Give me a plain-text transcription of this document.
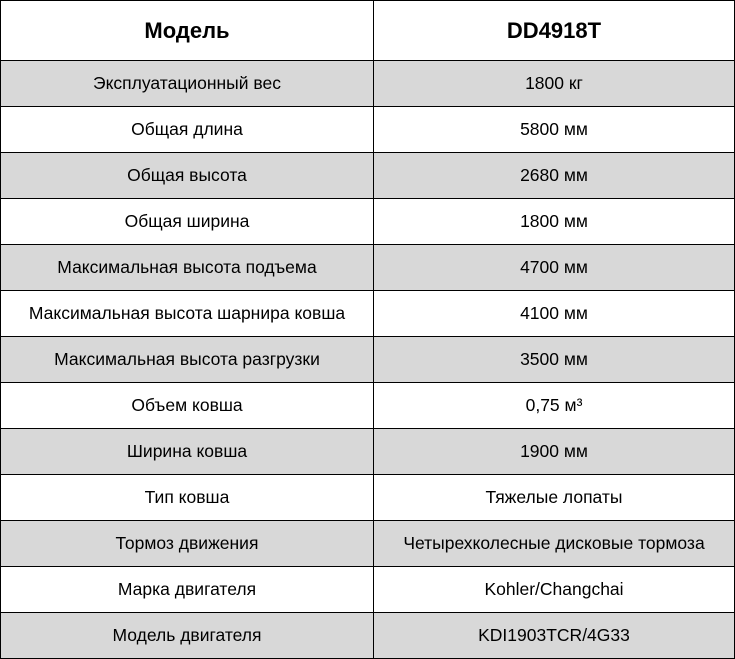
Модель	DD4918T
Эксплуатационный вес	1800 кг
Общая длина	5800 мм
Общая высота	2680 мм
Общая ширина	1800 мм
Максимальная высота подъема	4700 мм
Максимальная высота шарнира ковша	4100 мм
Максимальная высота разгрузки	3500 мм
Объем ковша	0,75 м³
Ширина ковша	1900 мм
Тип ковша	Тяжелые лопаты
Тормоз движения	Четырехколесные дисковые тормоза
Марка двигателя	Kohler/Changchai
Модель двигателя	KDI1903TCR/4G33
